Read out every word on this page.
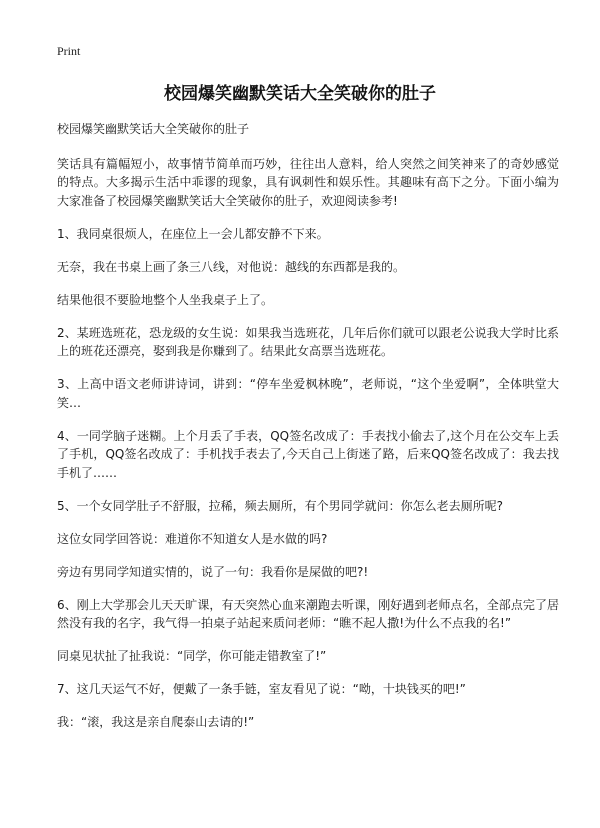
Print
校园爆笑幽默笑话大全笑破你的肚子

校园爆笑幽默笑话大全笑破你的肚子

笑话具有篇幅短小，故事情节简单而巧妙，往往出人意料，给人突然之间笑神来了的奇妙感觉的特点。大多揭示生活中乖谬的现象，具有讽刺性和娱乐性。其趣味有高下之分。下面小编为大家准备了校园爆笑幽默笑话大全笑破你的肚子，欢迎阅读参考!

1、我同桌很烦人，在座位上一会儿都安静不下来。

无奈，我在书桌上画了条三八线，对他说：越线的东西都是我的。

结果他很不要脸地整个人坐我桌子上了。

2、某班选班花，恐龙级的女生说：如果我当选班花，几年后你们就可以跟老公说我大学时比系上的班花还漂亮，娶到我是你赚到了。结果此女高票当选班花。

3、上高中语文老师讲诗词，讲到：“停车坐爱枫林晚”，老师说，“这个坐爱啊”，全体哄堂大笑…

4、一同学脑子迷糊。上个月丢了手表，QQ签名改成了：手表找小偷去了,这个月在公交车上丢了手机，QQ签名改成了：手机找手表去了,今天自己上街迷了路，后来QQ签名改成了：我去找手机了……

5、一个女同学肚子不舒服，拉稀，频去厕所，有个男同学就问：你怎么老去厕所呢?

这位女同学回答说：难道你不知道女人是水做的吗?

旁边有男同学知道实情的，说了一句：我看你是屎做的吧?!

6、刚上大学那会儿天天旷课，有天突然心血来潮跑去听课，刚好遇到老师点名，全部点完了居然没有我的名字，我气得一拍桌子站起来质问老师：“瞧不起人撒!为什么不点我的名!”

同桌见状扯了扯我说：“同学，你可能走错教室了!”

7、这几天运气不好，便戴了一条手链，室友看见了说：“呦，十块钱买的吧!”

我：“滚，我这是亲自爬泰山去请的!”
